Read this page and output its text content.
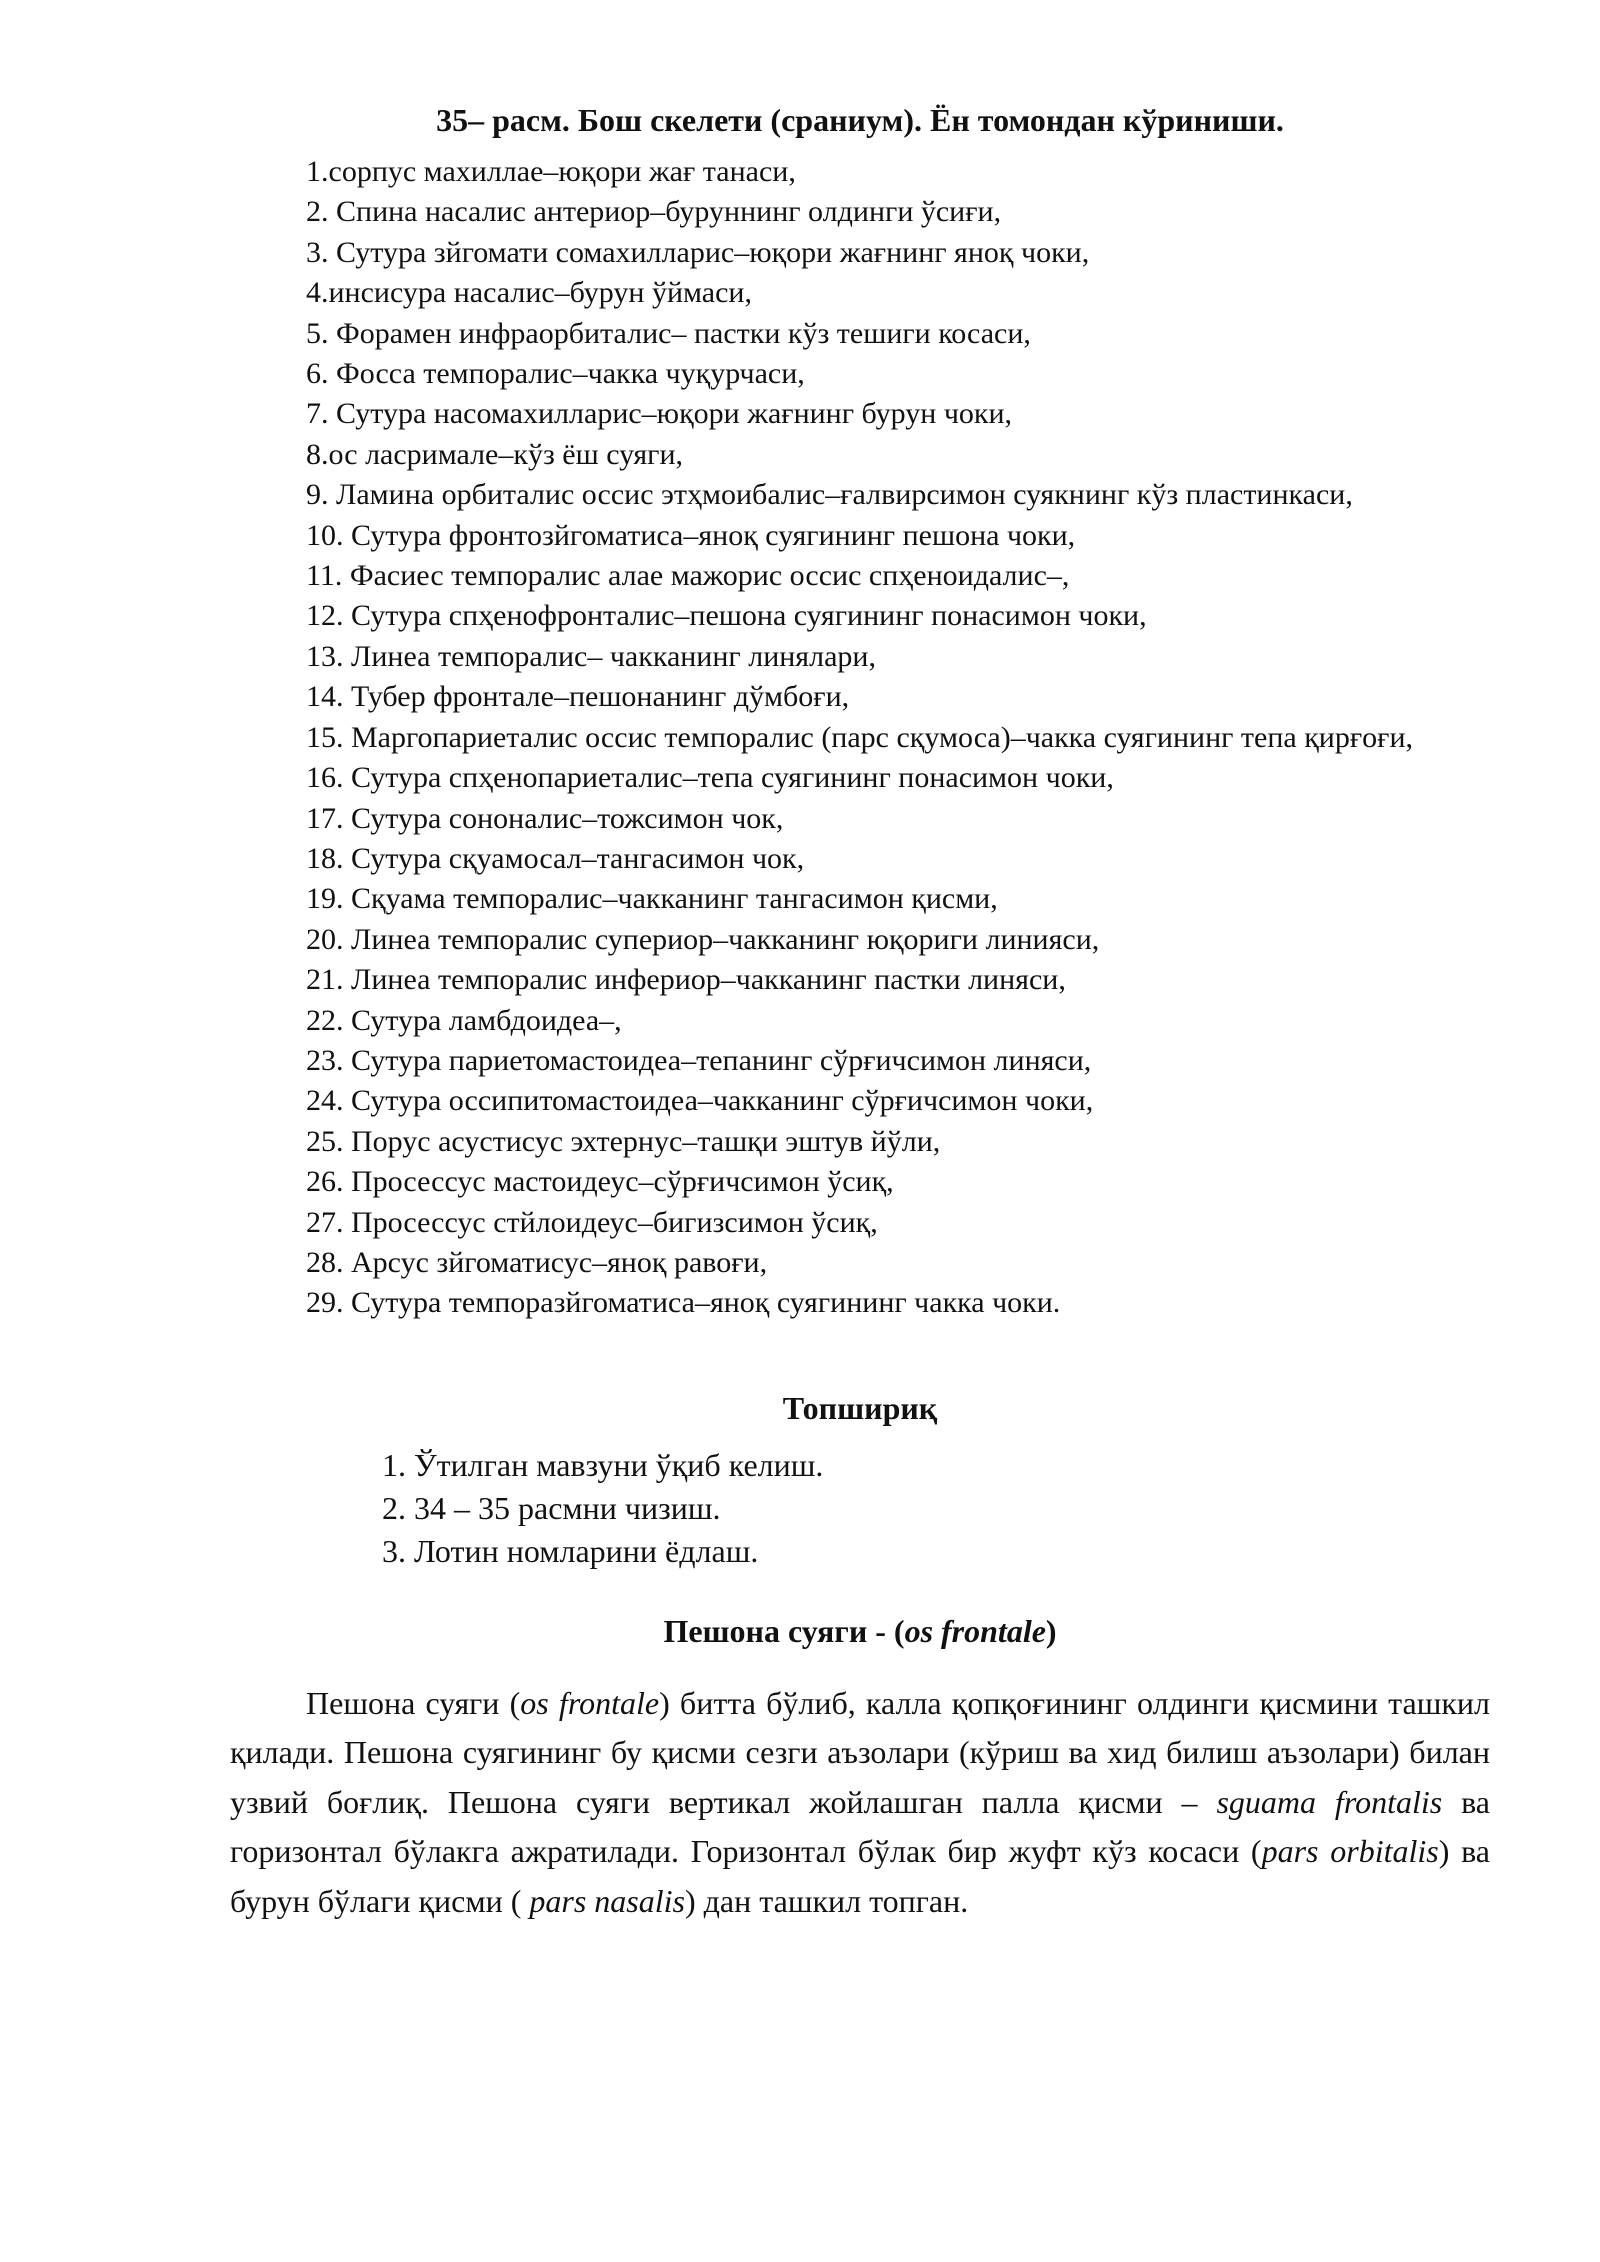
35– расм. Бош скелети (сраниум). Ён томондан кўриниши.
1.сорпус махиллае–юқори жағ танаси,
2. Спина насалис антериор–буруннинг олдинги ўсиғи,
3. Сутура зйгомати сомахилларис–юқори жағнинг яноқ чоки,
4.инсисура насалис–бурун ўймаси,
5. Форамен инфраорбиталис– пастки кўз тешиги косаси,
6. Фосса темпоралис–чакка чуқурчаси,
7. Сутура насомахилларис–юқори жағнинг бурун чоки,
8.ос ласрималe–кўз ёш суяги,
9. Ламина орбиталис оссис этҳмоибалис–ғалвирсимон суякнинг кўз пластинкаси,
10. Сутура фронтозйгоматиса–яноқ суягининг пешона чоки,
11. Фасиес темпоралис алае мажорис оссис спҳеноидалис–,
12. Сутура спҳенофронталис–пешона суягининг понасимон чоки,
13. Линеа темпоралис– чакканинг линялари,
14. Тубер фронтале–пешонанинг дўмбоғи,
15. Маргопариеталис оссис темпоралис (парс сқумоса)–чакка суягининг тепа қирғоғи,
16. Сутура спҳенопариеталис–тепа суягининг понасимон чоки,
17. Сутура сононалис–тожсимон чок,
18. Сутура сқуамосал–тангасимон чок,
19. Сқуама темпоралис–чакканинг тангасимон қисми,
20. Линеа темпоралис супериор–чакканинг юқориги линияси,
21. Линеа темпоралис инфериор–чакканинг пастки линяси,
22. Сутура ламбдоидеа–,
23. Сутура париетомастоидеа–тепанинг сўрғичсимон линяси,
24. Сутура оссипитомастоидеа–чакканинг сўрғичсимон чоки,
25. Порус асустисус эхтернус–ташқи эштув йўли,
26. Просессус мастоидеус–сўрғичсимон ўсиқ,
27. Просессус стйлоидеус–бигизсимон ўсиқ,
28. Арсус зйгоматисус–яноқ равоғи,
29. Сутура темпоразйгоматиса–яноқ суягининг чакка чоки.
Топшириқ
1. Ўтилган мавзуни ўқиб келиш.
2. 34 – 35 расмни чизиш.
3. Лотин номларини ёдлаш.
Пешона суяги - (os frontale)

Пешона суяги (os frontale) битта бўлиб, калла қопқоғининг олдинги қисмини ташкил қилади. Пешона суягининг бу қисми сезги аъзолари (кўриш ва хид билиш аъзолари) билан узвий боғлиқ. Пешона суяги вертикал жойлашган палла қисми – sguama frontalis ва горизонтал бўлакга ажратилади. Горизонтал бўлак бир жуфт кўз косаси (pars orbitalis) ва бурун бўлаги қисми ( pars nasalis) дан ташкил топган.
